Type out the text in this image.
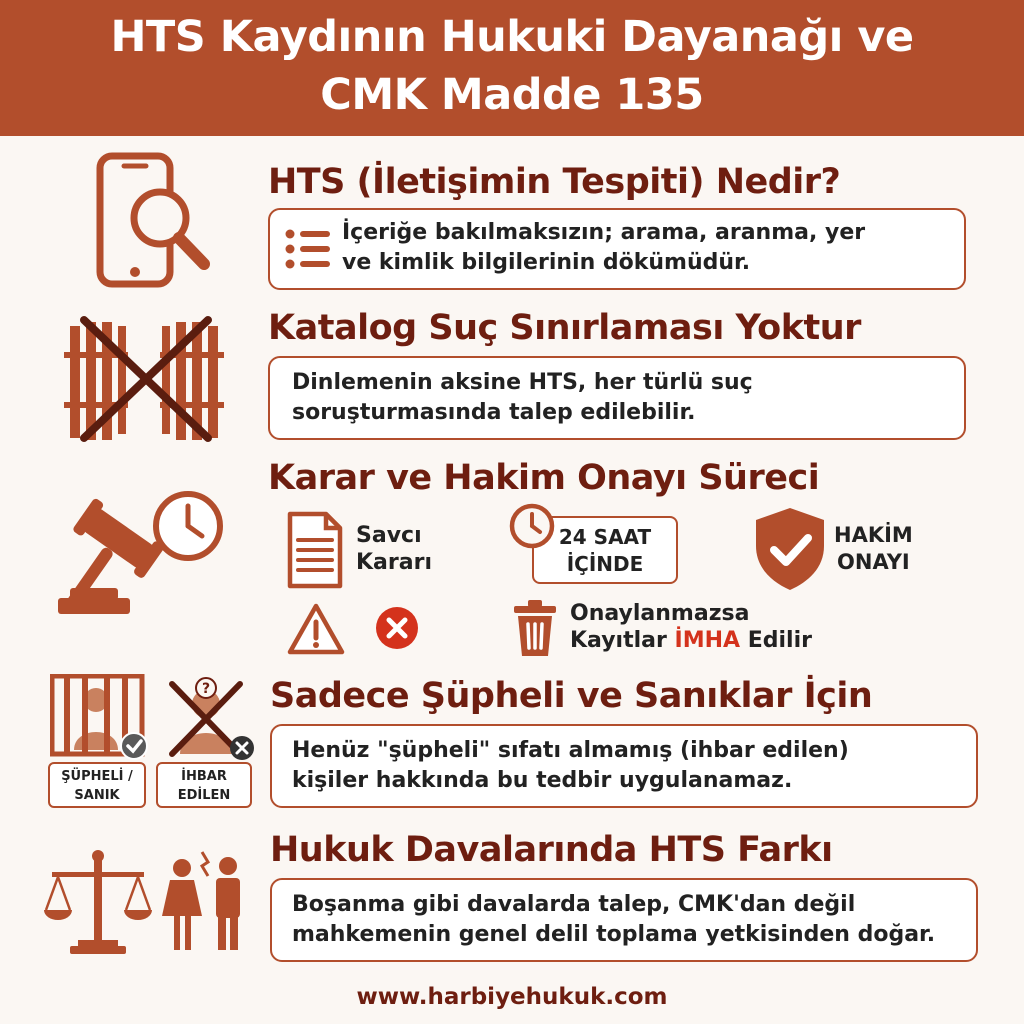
HTS Kaydının Hukuki Dayanağı ve
CMK Madde 135
HTS (İletişimin Tespiti) Nedir?
İçeriğe bakılmaksızın; arama, aranma, yer
ve kimlik bilgilerinin dökümüdür.
Katalog Suç Sınırlaması Yoktur
Dinlemenin aksine HTS, her türlü suç
soruşturmasında talep edilebilir.
Karar ve Hakim Onayı Süreci
Savcı
Kararı
24 SAAT
İÇİNDE
HAKİM
ONAYI
Onaylanmazsa
Kayıtlar İMHA Edilir
ŞÜPHELİ /
SANIK
?
İHBAR
EDİLEN
Sadece Şüpheli ve Sanıklar İçin
Henüz "şüpheli" sıfatı almamış (ihbar edilen)
kişiler hakkında bu tedbir uygulanamaz.
Hukuk Davalarında HTS Farkı
Boşanma gibi davalarda talep, CMK'dan değil
mahkemenin genel delil toplama yetkisinden doğar.
www.harbiyehukuk.com
